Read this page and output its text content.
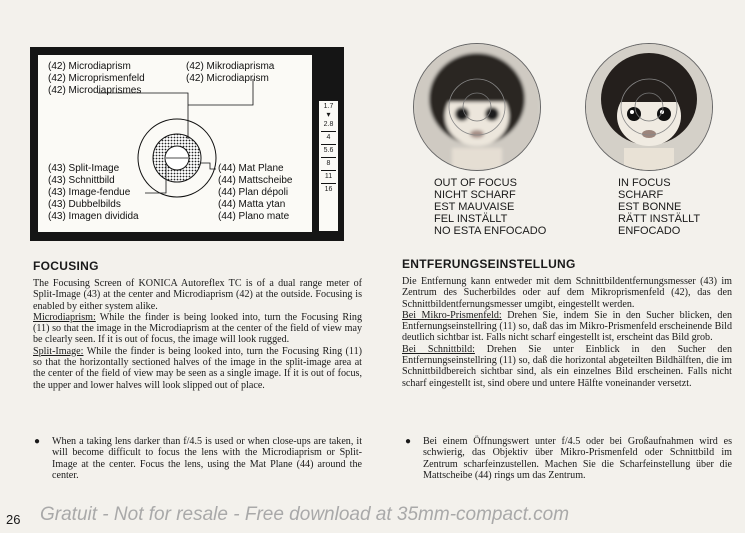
(42) Microdiaprism
(42) Microprismenfeld
(42) Microdiaprismes
(42) Mikrodiaprisma
(42) Microdiaprism
(43) Split-Image
(43) Schnittbild
(43) Image-fendue
(43) Dubbelbilds
(43) Imagen dividida
(44) Mat Plane
(44) Mattscheibe
(44) Plan dépoli
(44) Matta ytan
(44) Plano mate
1.7
▾
2.8
4
5.6
8
11
16
OUT OF FOCUS
NICHT SCHARF
EST MAUVAISE
FEL INSTÄLLT
NO ESTA ENFOCADO
IN FOCUS
SCHARF
EST BONNE
RÄTT INSTÄLLT
ENFOCADO
FOCUSING

The Focusing Screen of KONICA Autoreflex TC is of a dual range meter of Split-Image (43) at the center and Microdiaprism (42) at the outside. Focusing is enabled by either system alike.

Microdiaprism: While the finder is being looked into, turn the Focusing Ring (11) so that the image in the Microdiaprism at the center of the field of view may be clearly seen. If it is out of focus, the image will look rugged.

Split-Image: While the finder is being looked into, turn the Focusing Ring (11) so that the horizontally sectioned halves of the image in the split-image area at the center of the field of view may be seen as a single image. If it is out of focus, the upper and lower halves will look slipped out of place.

● When a taking lens darker than f/4.5 is used or when close-ups are taken, it will become difficult to focus the lens with the Microdiaprism or Split-Image at the center. Focus the lens, using the Mat Plane (44) around the center.
ENTFERUNGSEINSTELLUNG

Die Entfernung kann entweder mit dem Schnittbildentfernungsmesser (43) im Zentrum des Sucherbildes oder auf dem Mikroprismenfeld (42), das den Schnittbildentfernungsmesser umgibt, eingestellt werden.

Bei Mikro-Prismenfeld: Drehen Sie, indem Sie in den Sucher blicken, den Entfernungseinstellring (11) so, daß das im Mikro-Prismenfeld erscheinende Bild deutlich sichtbar ist. Falls nicht scharf eingestellt ist, erscheint das Bild grob.

Bei Schnittbild: Drehen Sie unter Einblick in den Sucher den Entfernungseinstellring (11) so, daß die horizontal abgeteilten Bildhälften, die im Schnittbildbereich sichtbar sind, als ein einzelnes Bild erscheinen. Falls nicht scharf eingestellt ist, sind obere und untere Hälfte voneinander versetzt.

● Bei einem Öffnungswert unter f/4.5 oder bei Großaufnahmen wird es schwierig, das Objektiv über Mikro-Prismenfeld oder Schnittbild im Zentrum scharfeinzustellen. Machen Sie die Scharfeinstellung über die Mattscheibe (44) rings um das Zentrum.
26 Gratuit - Not for resale - Free download at 35mm-compact.com
